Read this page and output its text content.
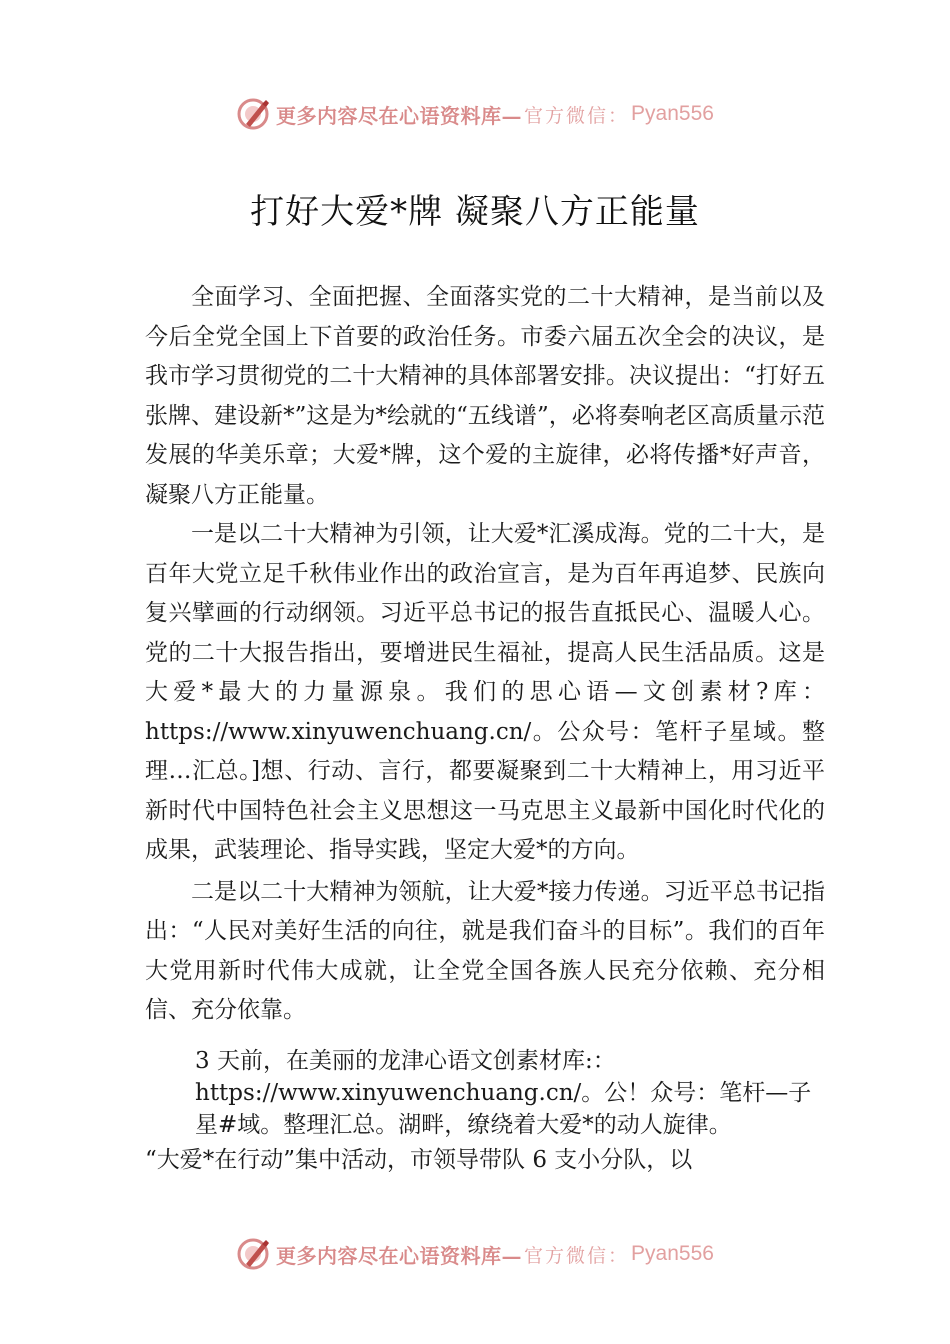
更多内容尽在心语资料库— 官方微信： Pyan556
打好大爱*牌 凝聚八方正能量

全面学习、全面把握、全面落实党的二十大精神，是当前以及今后全党全国上下首要的政治任务。市委六届五次全会的决议，是我市学习贯彻党的二十大精神的具体部署安排。决议提出：“打好五张牌、建设新*”这是为*绘就的“五线谱”，必将奏响老区高质量示范发展的华美乐章；大爱*牌，这个爱的主旋律，必将传播*好声音，凝聚八方正能量。

一是以二十大精神为引领，让大爱*汇溪成海。党的二十大，是百年大党立足千秋伟业作出的政治宣言，是为百年再追梦、民族向复兴擘画的行动纲领。习近平总书记的报告直抵民心、温暖人心。党的二十大报告指出，要增进民生福祉，提高人民生活品质。这是大爱*最大的力量源泉。我们的思心语—文创素材?库：https://www.xinyuwenchuang.cn/。公众号：笔杆子星域。整理…汇总。]想、行动、言行，都要凝聚到二十大精神上，用习近平新时代中国特色社会主义思想这一马克思主义最新中国化时代化的成果，武装理论、指导实践，坚定大爱*的方向。

二是以二十大精神为领航，让大爱*接力传递。习近平总书记指出：“人民对美好生活的向往，就是我们奋斗的目标”。我们的百年大党用新时代伟大成就，让全党全国各族人民充分依赖、充分相信、充分依靠。

3 天前，在美丽的龙津心语文创素材库:：

https://www.xinyuwenchuang.cn/。公！众号：笔杆—子星#域。整理汇总。湖畔，缭绕着大爱*的动人旋律。

“大爱*在行动”集中活动，市领导带队 6 支小分队，以

更多内容尽在心语资料库— 官方微信： Pyan556
